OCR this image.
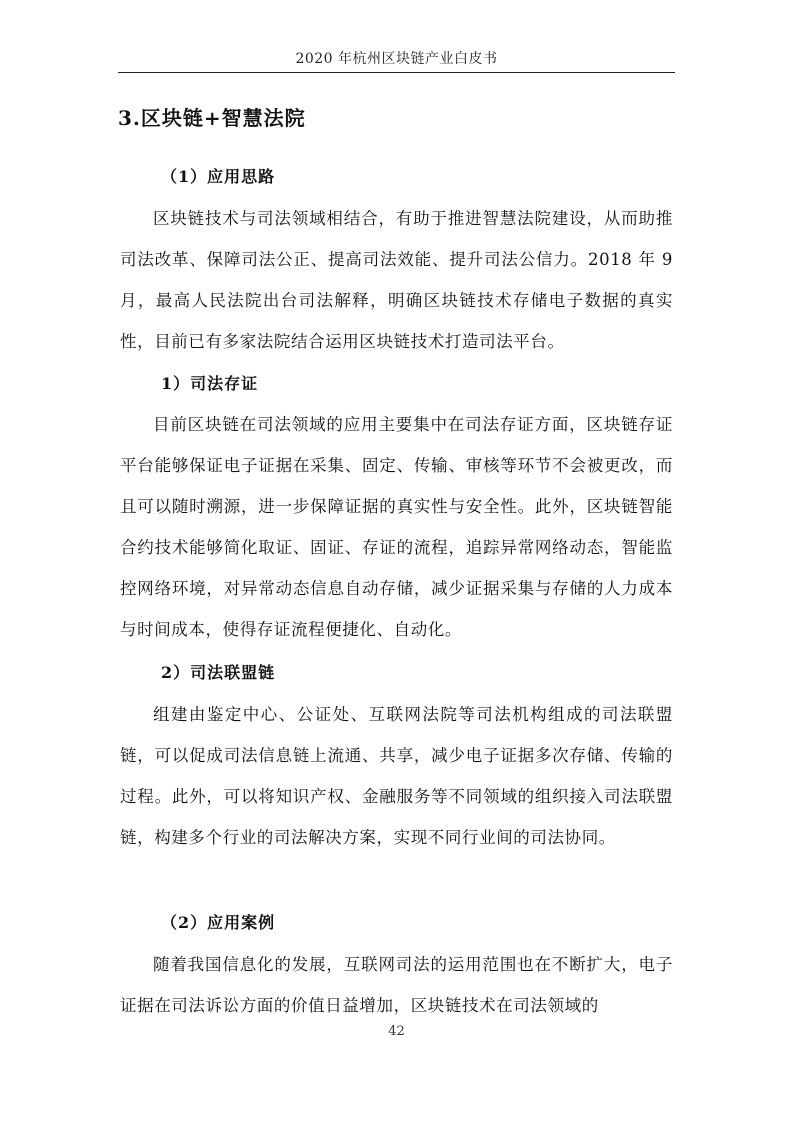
2020 年杭州区块链产业白皮书
3.区块链+智慧法院
（1）应用思路
区块链技术与司法领域相结合，有助于推进智慧法院建设，从而助推司法改革、保障司法公正、提高司法效能、提升司法公信力。2018 年 9 月，最高人民法院出台司法解释，明确区块链技术存储电子数据的真实性，目前已有多家法院结合运用区块链技术打造司法平台。
1）司法存证
目前区块链在司法领域的应用主要集中在司法存证方面，区块链存证平台能够保证电子证据在采集、固定、传输、审核等环节不会被更改，而且可以随时溯源，进一步保障证据的真实性与安全性。此外，区块链智能合约技术能够简化取证、固证、存证的流程，追踪异常网络动态，智能监控网络环境，对异常动态信息自动存储，减少证据采集与存储的人力成本与时间成本，使得存证流程便捷化、自动化。
2）司法联盟链
组建由鉴定中心、公证处、互联网法院等司法机构组成的司法联盟链，可以促成司法信息链上流通、共享，减少电子证据多次存储、传输的过程。此外，可以将知识产权、金融服务等不同领域的组织接入司法联盟链，构建多个行业的司法解决方案，实现不同行业间的司法协同。
（2）应用案例
随着我国信息化的发展，互联网司法的运用范围也在不断扩大，电子证据在司法诉讼方面的价值日益增加，区块链技术在司法领域的
42
